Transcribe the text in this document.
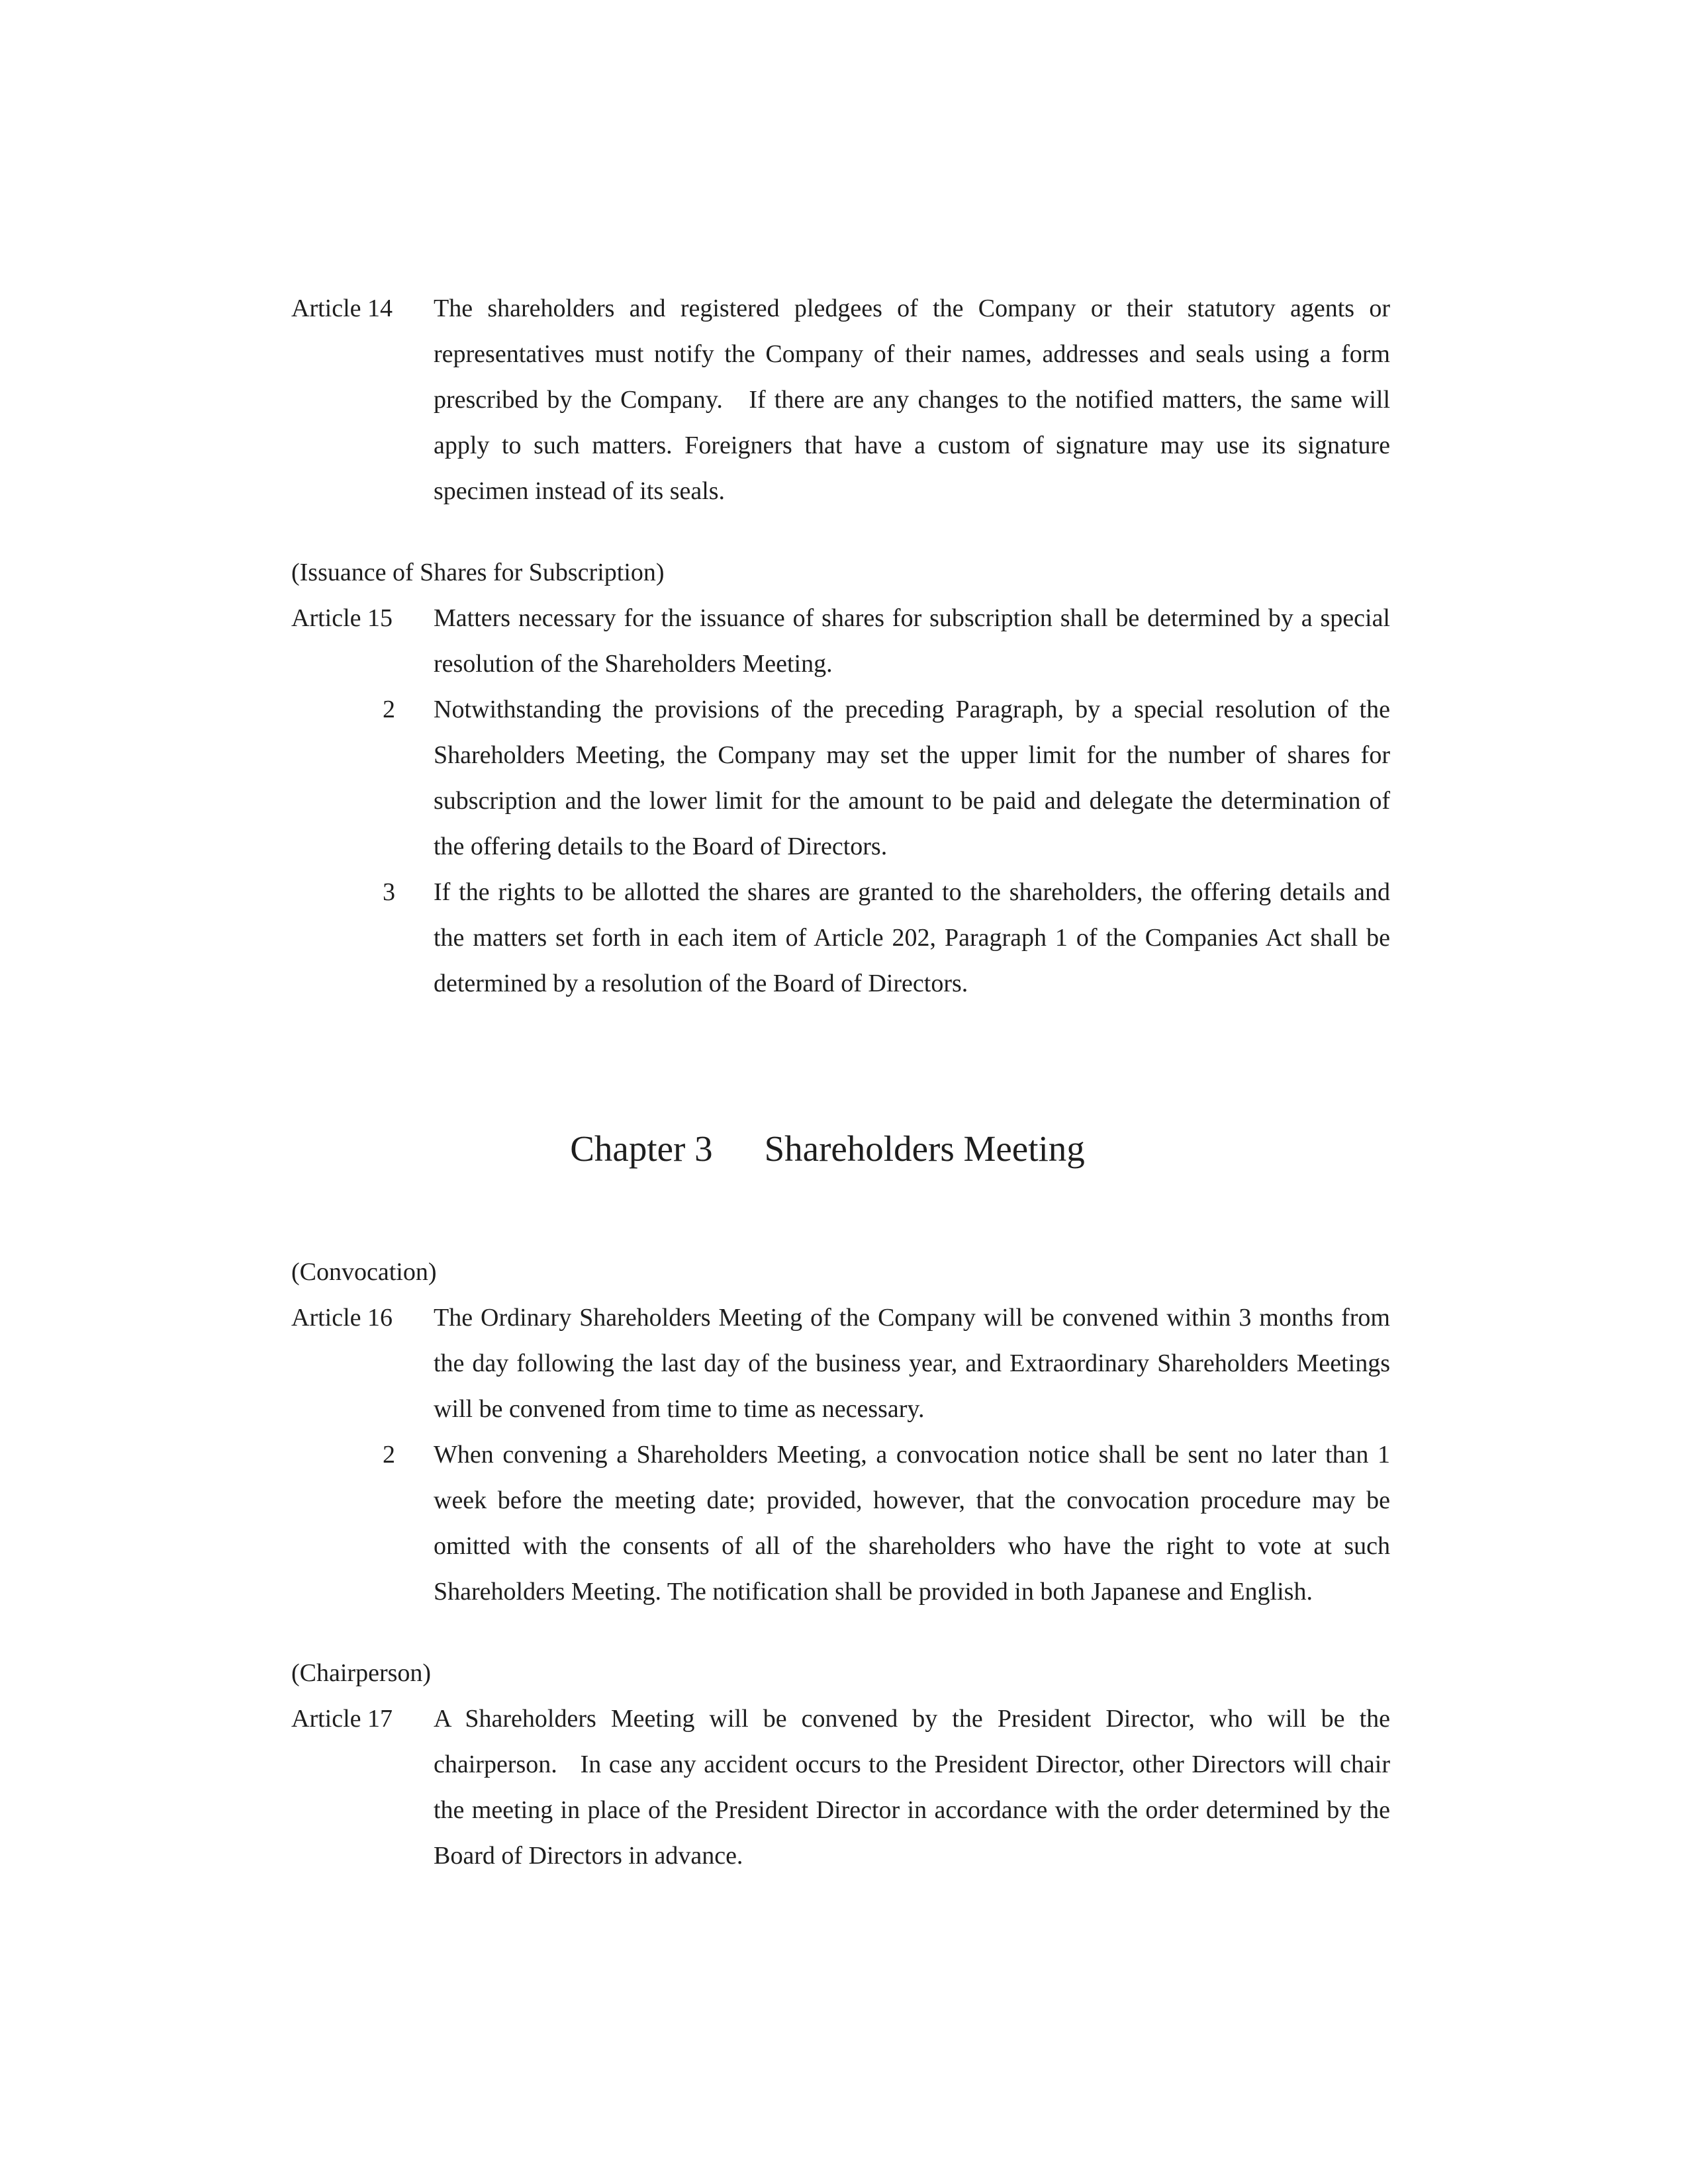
Article 14	The shareholders and registered pledgees of the Company or their statutory agents or representatives must notify the Company of their names, addresses and seals using a form prescribed by the Company.   If there are any changes to the notified matters, the same will apply to such matters. Foreigners that have a custom of signature may use its signature specimen instead of its seals.
(Issuance of Shares for Subscription)
Article 15	Matters necessary for the issuance of shares for subscription shall be determined by a special resolution of the Shareholders Meeting.
2	Notwithstanding the provisions of the preceding Paragraph, by a special resolution of the Shareholders Meeting, the Company may set the upper limit for the number of shares for subscription and the lower limit for the amount to be paid and delegate the determination of the offering details to the Board of Directors.
3	If the rights to be allotted the shares are granted to the shareholders, the offering details and the matters set forth in each item of Article 202, Paragraph 1 of the Companies Act shall be determined by a resolution of the Board of Directors.
Chapter 3 Shareholders Meeting
(Convocation)
Article 16	The Ordinary Shareholders Meeting of the Company will be convened within 3 months from the day following the last day of the business year, and Extraordinary Shareholders Meetings will be convened from time to time as necessary.
2	When convening a Shareholders Meeting, a convocation notice shall be sent no later than 1 week before the meeting date; provided, however, that the convocation procedure may be omitted with the consents of all of the shareholders who have the right to vote at such Shareholders Meeting. The notification shall be provided in both Japanese and English.
(Chairperson)
Article 17	A Shareholders Meeting will be convened by the President Director, who will be the chairperson.   In case any accident occurs to the President Director, other Directors will chair the meeting in place of the President Director in accordance with the order determined by the Board of Directors in advance.
